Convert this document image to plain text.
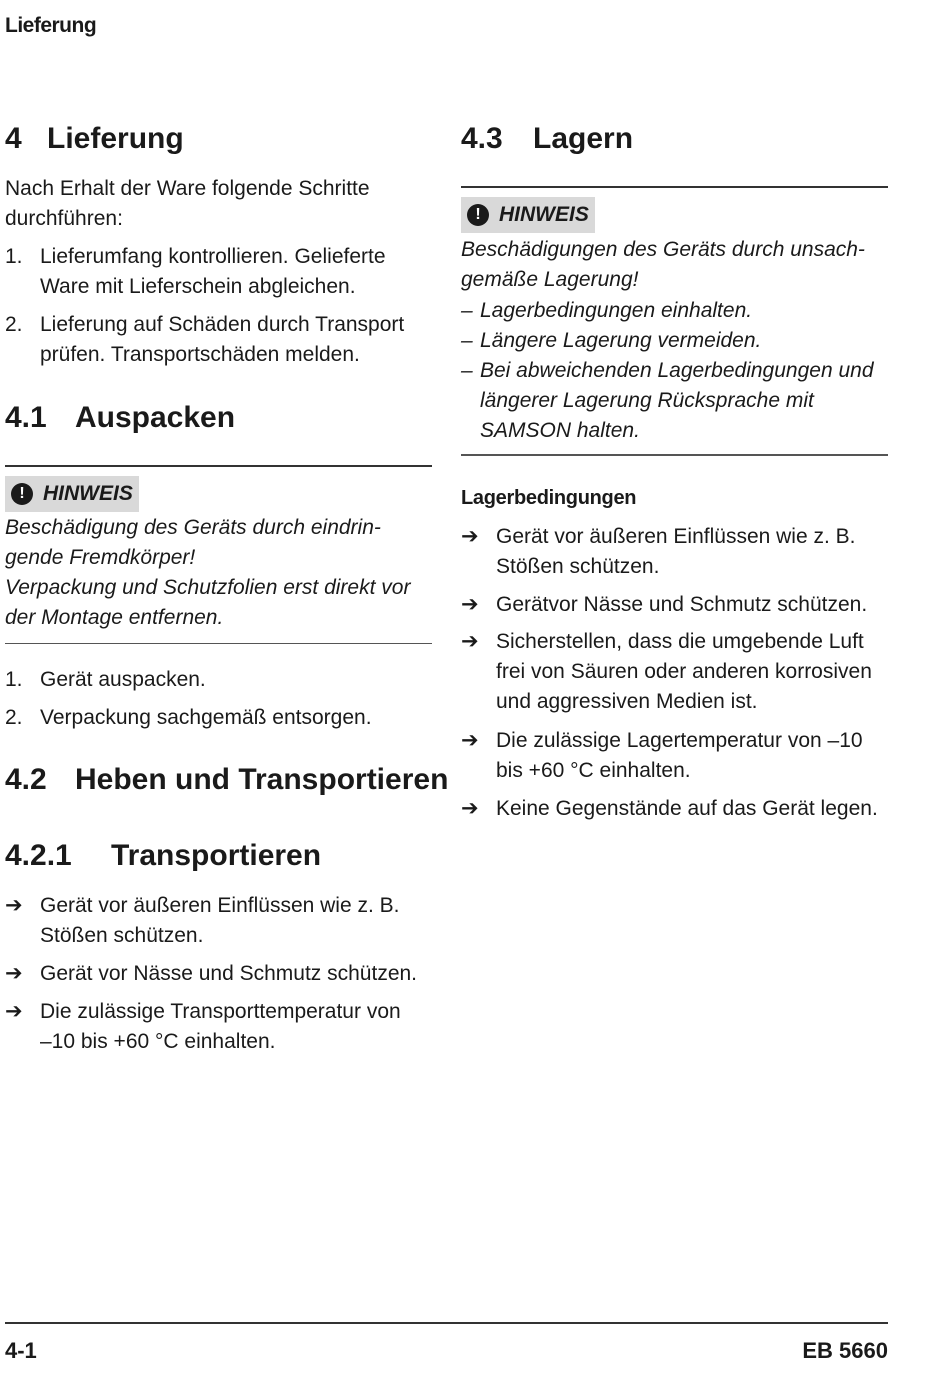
Lieferung
4 Lieferung

Nach Erhalt der Ware folgende Schritte durchführen:

1. Lieferumfang kontrollieren. Gelieferte
Ware mit Lieferschein abgleichen.
2. Lieferung auf Schäden durch Transport
prüfen. Transportschäden melden.
4.1 Auspacken
! HINWEIS
Beschädigung des Geräts durch eindrin-
gende Fremdkörper!
Verpackung und Schutzfolien erst direkt vor
der Montage entfernen.
1. Gerät auspacken.
2. Verpackung sachgemäß entsorgen.
4.2 Heben und Transportieren
4.2.1 Transportieren
➔ Gerät vor äußeren Einflüssen wie z. B.
Stößen schützen.
➔ Gerät vor Nässe und Schmutz schützen.
➔ Die zulässige Transporttemperatur von
–10 bis +60 °C einhalten.
4.3 Lagern
! HINWEIS
Beschädigungen des Geräts durch unsach-
gemäße Lagerung!
– Lagerbedingungen einhalten.
– Längere Lagerung vermeiden.
– Bei abweichenden Lagerbedingungen und
längerer Lagerung Rücksprache mit
SAMSON halten.
Lagerbedingungen
➔ Gerät vor äußeren Einflüssen wie z. B.
Stößen schützen.
➔ Gerätvor Nässe und Schmutz schützen.
➔ Sicherstellen, dass die umgebende Luft
frei von Säuren oder anderen korrosiven
und aggressiven Medien ist.
➔ Die zulässige Lagertemperatur von –10
bis +60 °C einhalten.
➔ Keine Gegenstände auf das Gerät legen.
4-1	EB 5660
